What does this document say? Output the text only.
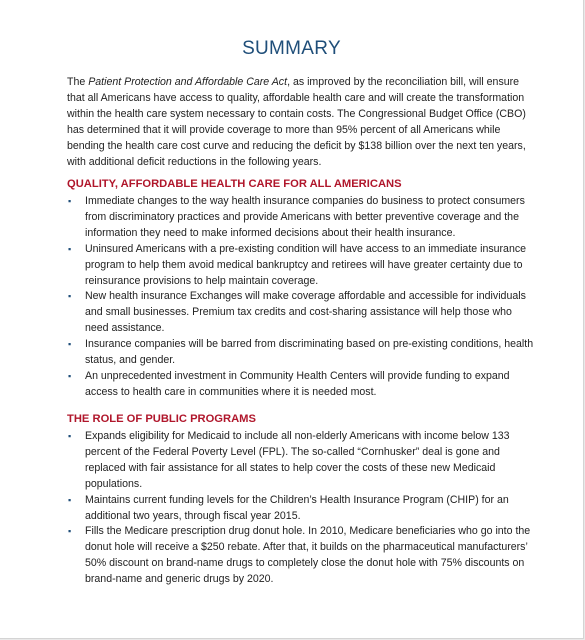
SUMMARY

The Patient Protection and Affordable Care Act, as improved by the reconciliation bill, will ensure that all Americans have access to quality, affordable health care and will create the transformation within the health care system necessary to contain costs. The Congressional Budget Office (CBO) has determined that it will provide coverage to more than 95% percent of all Americans while bending the health care cost curve and reducing the deficit by $138 billion over the next ten years, with additional deficit reductions in the following years.

QUALITY, AFFORDABLE HEALTH CARE FOR ALL AMERICANS
▪ Immediate changes to the way health insurance companies do business to protect consumers from discriminatory practices and provide Americans with better preventive coverage and the information they need to make informed decisions about their health insurance.
▪ Uninsured Americans with a pre-existing condition will have access to an immediate insurance program to help them avoid medical bankruptcy and retirees will have greater certainty due to reinsurance provisions to help maintain coverage.
▪ New health insurance Exchanges will make coverage affordable and accessible for individuals and small businesses. Premium tax credits and cost-sharing assistance will help those who need assistance.
▪ Insurance companies will be barred from discriminating based on pre-existing conditions, health status, and gender.
▪ An unprecedented investment in Community Health Centers will provide funding to expand access to health care in communities where it is needed most.
THE ROLE OF PUBLIC PROGRAMS
▪ Expands eligibility for Medicaid to include all non-elderly Americans with income below 133 percent of the Federal Poverty Level (FPL). The so-called “Cornhusker” deal is gone and replaced with fair assistance for all states to help cover the costs of these new Medicaid populations.
▪ Maintains current funding levels for the Children’s Health Insurance Program (CHIP) for an additional two years, through fiscal year 2015.
▪ Fills the Medicare prescription drug donut hole. In 2010, Medicare beneficiaries who go into the donut hole will receive a $250 rebate. After that, it builds on the pharmaceutical manufacturers’ 50% discount on brand-name drugs to completely close the donut hole with 75% discounts on brand-name and generic drugs by 2020.
